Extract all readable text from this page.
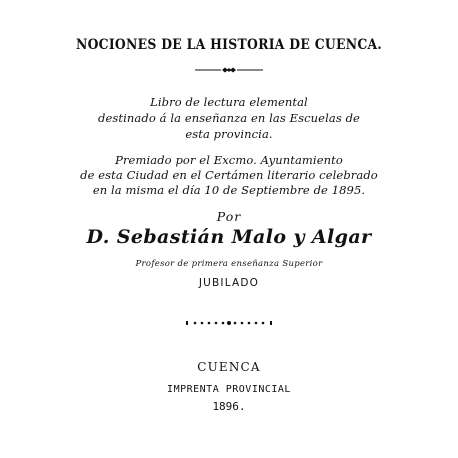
NOCIONES DE LA HISTORIA DE CUENCA.
Libro de lectura elemental
destinado á la enseñanza en las Escuelas de
esta provincia.
Premiado por el Excmo. Ayuntamiento
de esta Ciudad en el Certámen literario celebrado
en la misma el día 10 de Septiembre de 1895.
Por
D. Sebastián Malo y Algar
Profesor de primera enseñanza Superior
JUBILADO
CUENCA
IMPRENTA PROVINCIAL
1896.
